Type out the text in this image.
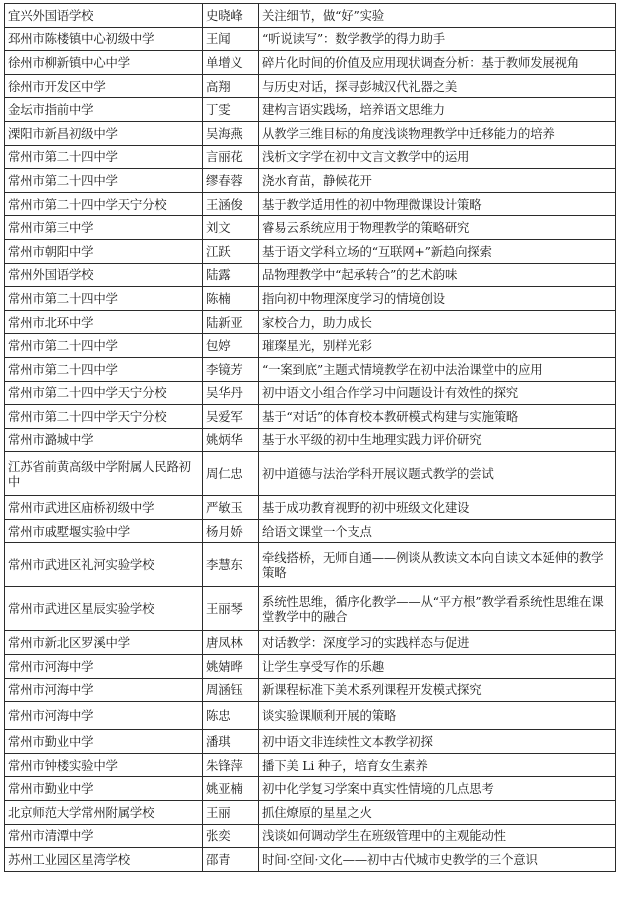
宜兴外国语学校	史晓峰	关注细节，做“好”实验
邳州市陈楼镇中心初级中学	王闻	“听说读写”：数学教学的得力助手
徐州市柳新镇中心中学	单增义	碎片化时间的价值及应用现状调查分析：基于教师发展视角
徐州市开发区中学	高翔	与历史对话，探寻彭城汉代礼器之美
金坛市指前中学	丁雯	建构言语实践场，培养语文思维力
溧阳市新昌初级中学	吴海燕	从教学三维目标的角度浅谈物理教学中迁移能力的培养
常州市第二十四中学	言丽花	浅析文字学在初中文言文教学中的运用
常州市第二十四中学	缪春蓉	浇水育苗，静候花开
常州市第二十四中学天宁分校	王涵俊	基于教学适用性的初中物理微课设计策略
常州市第三中学	刘文	睿易云系统应用于物理教学的策略研究
常州市朝阳中学	江跃	基于语文学科立场的“互联网+”新趋向探索
常州外国语学校	陆露	品物理教学中“起承转合”的艺术韵味
常州市第二十四中学	陈楠	指向初中物理深度学习的情境创设
常州市北环中学	陆新亚	家校合力，助力成长
常州市第二十四中学	包婷	璀璨星光，别样光彩
常州市第二十四中学	李镜芳	“一案到底”主题式情境教学在初中法治课堂中的应用
常州市第二十四中学天宁分校	吴华丹	初中语文小组合作学习中问题设计有效性的探究
常州市第二十四中学天宁分校	吴爱军	基于“对话”的体育校本教研模式构建与实施策略
常州市潞城中学	姚炳华	基于水平级的初中生地理实践力评价研究
江苏省前黄高级中学附属人民路初中	周仁忠	初中道德与法治学科开展议题式教学的尝试
常州市武进区庙桥初级中学	严敏玉	基于成功教育视野的初中班级文化建设
常州市戚墅堰实验中学	杨月娇	给语文课堂一个支点
常州市武进区礼河实验学校	李慧东	牵线搭桥，无师自通——例谈从教读文本向自读文本延伸的教学策略
常州市武进区星辰实验学校	王丽琴	系统性思维，循序化教学——从“平方根”教学看系统性思维在课堂教学中的融合
常州市新北区罗溪中学	唐凤林	对话教学：深度学习的实践样态与促进
常州市河海中学	姚婧晔	让学生享受写作的乐趣
常州市河海中学	周涵钰	新课程标准下美术系列课程开发模式探究
常州市河海中学	陈忠	谈实验课顺利开展的策略
常州市勤业中学	潘琪	初中语文非连续性文本教学初探
常州市钟楼实验中学	朱锋萍	播下美 Li 种子，培育女生素养
常州市勤业中学	姚亚楠	初中化学复习学案中真实性情境的几点思考
北京师范大学常州附属学校	王丽	抓住燎原的星星之火
常州市清潭中学	张奕	浅谈如何调动学生在班级管理中的主观能动性
苏州工业园区星湾学校	邵青	时间·空间·文化——初中古代城市史教学的三个意识
